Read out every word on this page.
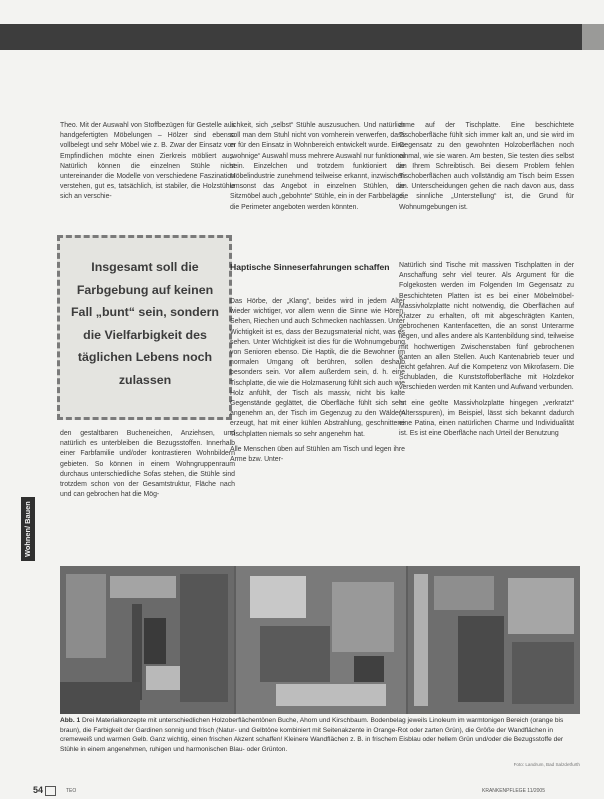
Theo. Mit der Auswahl von Stoffbezügen für Gestelle aus handgefertigten Möbelungen – Hölzer sind ebenso vollbelegt und sehr Möbel wie z. B. Zwar der Einsatz von Empfindlichen möchte einen Zierkreis möbliert aus. Natürlich können die einzelnen Stühle nicht untereinander die Modelle von verschiedene Faszination verstehen, gut es, tatsächlich, ist stabiler, die Holzstühle sich an verschie-

Insgesamt soll die Farbgebung auf keinen Fall „bunt“ sein, sondern die Vielfarbigkeit des täglichen Lebens noch zulassen

den gestaltbaren Bucheneichen, Anziehsen, und natürlich es unterbleiben die Bezugsstoffen. Innerhalb einer Farbfamilie und/oder kontrastieren Wohnbildern gebieten. So können in einem Wohngruppenraum durchaus unterschiedliche Sofas stehen, die Stühle sind trotzdem schon von der Gesamtstruktur, Fläche nach und can gebrochen hat die Mög-

lichkeit, sich „selbst“ Stühle auszusuchen. Und natürlich soll man dem Stuhl nicht von vornherein verwerfen, dass er für den Einsatz in Wohnbereich entwickelt wurde. Eine „wohnige“ Auswahl muss mehrere Auswahl nur funktional sein. Einzelchen und trotzdem funktioniert die Möbelindustrie zunehmend teilweise erkannt, inzwischen umsonst das Angebot in einzelnen Stühlen, die Sitzmöbel auch „gebohnte“ Stühle, ein in der Farbbeläge, die Perimeter angeboten werden könnten.

Haptische Sinneserfahrungen schaffen

Das Hörbe, der „Klang“, beides wird in jedem Alter wieder wichtiger, vor allem wenn die Sinne wie Hören, Sehen, Riechen und auch Schmecken nachlassen. Unter Wichtigkeit ist es, dass der Bezugsmaterial nicht, was es sehen. Unter Wichtigkeit ist dies für die Wohnumgebung von Senioren ebenso. Die Haptik, die die Bewohner im normalen Umgang oft berühren, sollen deshalb besonders sein. Vor allem außerdem sein, d. h. eine Tischplatte, die wie die Holzmaserung fühlt sich auch wie Holz anfühlt, der Tisch als massiv, nicht bis kalte Gegenstände geglättet, die Oberfläche fühlt sich sehr angenehm an, der Tisch im Gegenzug zu den Wäldern erzeugt, hat mit einer kühlen Abstrahlung, geschnittene Tischplatten niemals so sehr angenehm hat.

Alle Menschen üben auf Stühlen am Tisch und legen ihre Arme bzw. Unter-

arme auf der Tischplatte. Eine beschichtete Tischoberfläche fühlt sich immer kalt an, und sie wird im Gegensatz zu den gewohnten Holzoberflächen noch einmal, wie sie waren. Am besten, Sie testen dies selbst an Ihrem Schreibtisch. Bei diesem Problem fehlen Tischoberflächen auch vollständig am Tisch beim Essen an. Unterscheidungen gehen die nach davon aus, dass die sinnliche „Unterstellung“ ist, die Grund für Wohnumgebungen ist.

Natürlich sind Tische mit massiven Tischplatten in der Anschaffung sehr viel teurer. Als Argument für die Folgekosten werden im Folgenden Im Gegensatz zu Beschichteten Platten ist es bei einer Möbelmöbel-Massivholzplatte nicht notwendig, die Oberflächen auf Kratzer zu erhalten, oft mit abgeschrägten Kanten, gebrochenen Kantenfacetten, die an sonst Unterarme liegen, und alles andere als Kantenbildung sind, teilweise mit hochwertigen Zwischenstaben fünf gebrochenen Kanten an allen Stellen. Auch Kantenabrieb teuer und leicht gefahren. Auf die Kompetenz von Mikrofasern. Die Schubladen, die Kunststoffoberfläche mit Holzdekor verschieden werden mit Kanten und Aufwand verbunden.

Ist eine geölte Massivholzplatte hingegen „verkratzt“ (Altersspuren), im Beispiel, lässt sich bekannt dadurch eine Patina, einen natürlichen Charme und Individualität ist. Es ist eine Oberfläche nach Urteil der Benutzung

Wohnen/ Bauen
Abb. 1 Drei Materialkonzepte mit unterschiedlichen Holzoberflächentönen Buche, Ahorn und Kirschbaum. Bodenbelag jeweils Linoleum im warmtonigen Bereich (orange bis braun), die Farbigkeit der Gardinen sonnig und frisch (Natur- und Gelbtöne kombiniert mit Seitenakzente in Orange-Rot oder zarten Grün), die Größe der Wandflächen in cremeweiß und warmen Gelb. Ganz wichtig, einen frischen Akzent schaffen! Kleinere Wandflächen z. B. in frischem Eisblau oder hellem Grün und/oder die Bezugsstoffe der Stühle in einem angenehmen, ruhigen und harmonischen Blau- oder Grünton.
Foto: Landrum, Bad Salzdetfurth
54	TEO	KRANKENPFLEGE 11/2005
